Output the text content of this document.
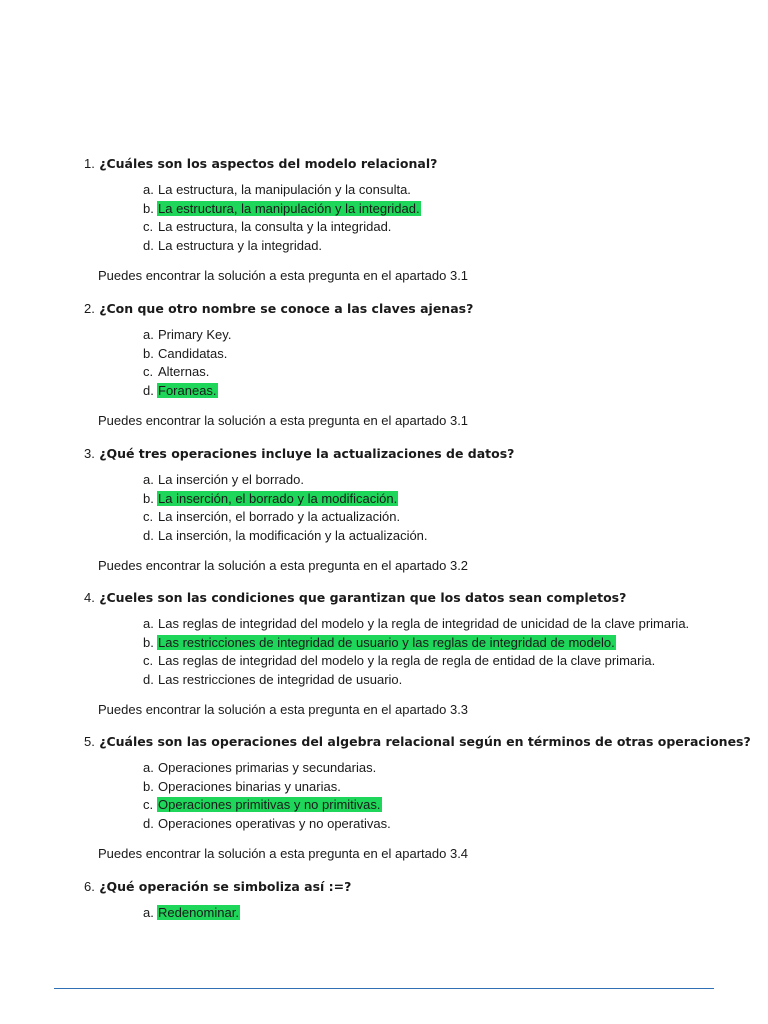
1. ¿Cuáles son los aspectos del modelo relacional?
a. La estructura, la manipulación y la consulta.
b. La estructura, la manipulación y la integridad.
c. La estructura, la consulta y la integridad.
d. La estructura y la integridad.
Puedes encontrar la solución a esta pregunta en el apartado 3.1
2. ¿Con que otro nombre se conoce a las claves ajenas?
a. Primary Key.
b. Candidatas.
c. Alternas.
d. Foraneas.
Puedes encontrar la solución a esta pregunta en el apartado 3.1
3. ¿Qué tres operaciones incluye la actualizaciones de datos?
a. La inserción y el borrado.
b. La inserción, el borrado y la modificación.
c. La inserción, el borrado y la actualización.
d. La inserción, la modificación y la actualización.
Puedes encontrar la solución a esta pregunta en el apartado 3.2
4. ¿Cueles son las condiciones que garantizan que los datos sean completos?
a. Las reglas de integridad del modelo y la regla de integridad de unicidad de la clave primaria.
b. Las restricciones de integridad de usuario y las reglas de integridad de modelo.
c. Las reglas de integridad del modelo y la regla de regla de entidad de la clave primaria.
d. Las restricciones de integridad de usuario.
Puedes encontrar la solución a esta pregunta en el apartado 3.3
5. ¿Cuáles son las operaciones del algebra relacional según en términos de otras operaciones?
a. Operaciones primarias y secundarias.
b. Operaciones binarias y unarias.
c. Operaciones primitivas y no primitivas.
d. Operaciones operativas y no operativas.
Puedes encontrar la solución a esta pregunta en el apartado 3.4
6. ¿Qué operación se simboliza así :=?
a. Redenominar.
